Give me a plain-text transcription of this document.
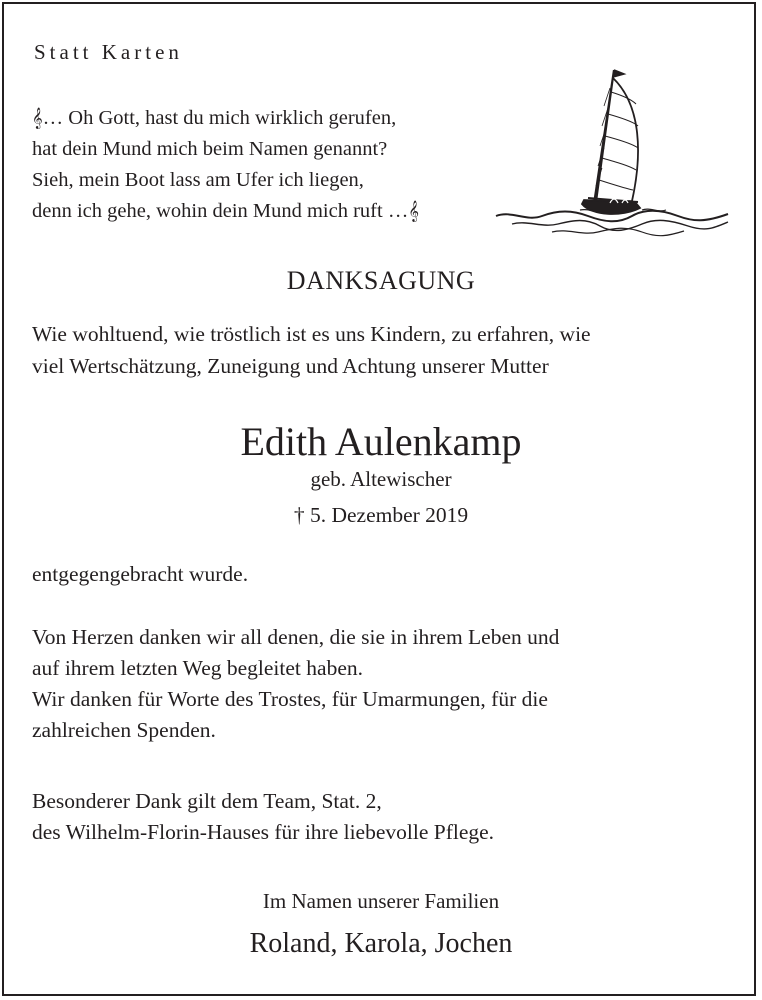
Statt Karten
𝄞… Oh Gott, hast du mich wirklich gerufen,
hat dein Mund mich beim Namen genannt?
Sieh, mein Boot lass am Ufer ich liegen,
denn ich gehe, wohin dein Mund mich ruft …𝄞
DANKSAGUNG
Wie wohltuend, wie tröstlich ist es uns Kindern, zu erfahren, wie
viel Wertschätzung, Zuneigung und Achtung unserer Mutter
Edith Aulenkamp
geb. Altewischer
† 5. Dezember 2019
entgegengebracht wurde.
Von Herzen danken wir all denen, die sie in ihrem Leben und
auf ihrem letzten Weg begleitet haben.
Wir danken für Worte des Trostes, für Umarmungen, für die
zahlreichen Spenden.
Besonderer Dank gilt dem Team, Stat. 2,
des Wilhelm-Florin-Hauses für ihre liebevolle Pflege.
Im Namen unserer Familien
Roland, Karola, Jochen
